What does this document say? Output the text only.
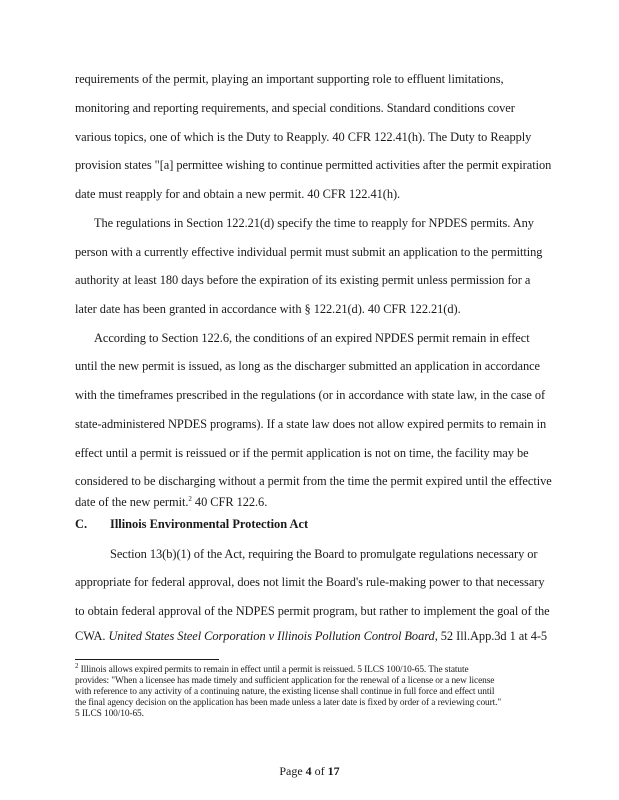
requirements of the permit, playing an important supporting role to effluent limitations,
monitoring and reporting requirements, and special conditions. Standard conditions cover
various topics, one of which is the Duty to Reapply. 40 CFR 122.41(h). The Duty to Reapply
provision states "[a] permittee wishing to continue permitted activities after the permit expiration
date must reapply for and obtain a new permit. 40 CFR 122.41(h).
The regulations in Section 122.21(d) specify the time to reapply for NPDES permits. Any
person with a currently effective individual permit must submit an application to the permitting
authority at least 180 days before the expiration of its existing permit unless permission for a
later date has been granted in accordance with § 122.21(d). 40 CFR 122.21(d).
According to Section 122.6, the conditions of an expired NPDES permit remain in effect
until the new permit is issued, as long as the discharger submitted an application in accordance
with the timeframes prescribed in the regulations (or in accordance with state law, in the case of
state-administered NPDES programs). If a state law does not allow expired permits to remain in
effect until a permit is reissued or if the permit application is not on time, the facility may be
considered to be discharging without a permit from the time the permit expired until the effective
date of the new permit.$^2$ 40 CFR 122.6.
C. Illinois Environmental Protection Act
Section 13(b)(1) of the Act, requiring the Board to promulgate regulations necessary or
appropriate for federal approval, does not limit the Board's rule-making power to that necessary
to obtain federal approval of the NDPES permit program, but rather to implement the goal of the
CWA. United States Steel Corporation v Illinois Pollution Control Board, 52 Ill.App.3d 1 at 4-5
$^2$ Illinois allows expired permits to remain in effect until a permit is reissued. 5 ILCS 100/10-65. The statute
provides: "When a licensee has made timely and sufficient application for the renewal of a license or a new license
with reference to any activity of a continuing nature, the existing license shall continue in full force and effect until
the final agency decision on the application has been made unless a later date is fixed by order of a reviewing court."
5 ILCS 100/10-65.
Page 4 of 17
